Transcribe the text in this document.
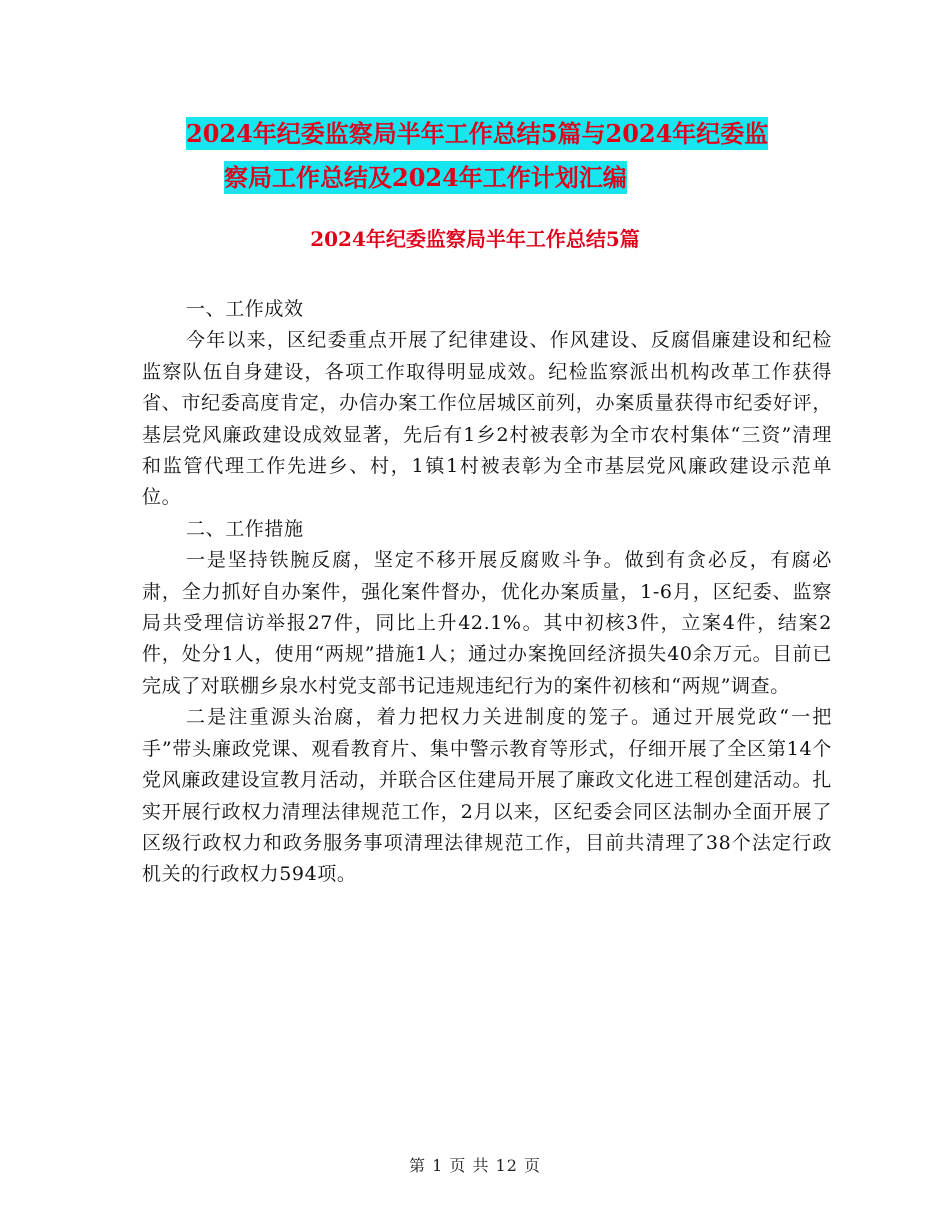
2024年纪委监察局半年工作总结5篇与2024年纪委监
察局工作总结及2024年工作计划汇编
2024年纪委监察局半年工作总结5篇

一、工作成效

今年以来，区纪委重点开展了纪律建设、作风建设、反腐倡廉建设和纪检监察队伍自身建设，各项工作取得明显成效。纪检监察派出机构改革工作获得省、市纪委高度肯定，办信办案工作位居城区前列，办案质量获得市纪委好评，基层党风廉政建设成效显著，先后有1乡2村被表彰为全市农村集体“三资”清理和监管代理工作先进乡、村，1镇1村被表彰为全市基层党风廉政建设示范单位。

二、工作措施

一是坚持铁腕反腐，坚定不移开展反腐败斗争。做到有贪必反，有腐必肃，全力抓好自办案件，强化案件督办，优化办案质量，1-6月，区纪委、监察局共受理信访举报27件，同比上升42.1%。其中初核3件，立案4件，结案2件，处分1人，使用“两规”措施1人；通过办案挽回经济损失40余万元。目前已完成了对联棚乡泉水村党支部书记违规违纪行为的案件初核和“两规”调查。

二是注重源头治腐，着力把权力关进制度的笼子。通过开展党政“一把手”带头廉政党课、观看教育片、集中警示教育等形式，仔细开展了全区第14个党风廉政建设宣教月活动，并联合区住建局开展了廉政文化进工程创建活动。扎实开展行政权力清理法律规范工作，2月以来，区纪委会同区法制办全面开展了区级行政权力和政务服务事项清理法律规范工作，目前共清理了38个法定行政机关的行政权力594项。

第 1 页 共 12 页
